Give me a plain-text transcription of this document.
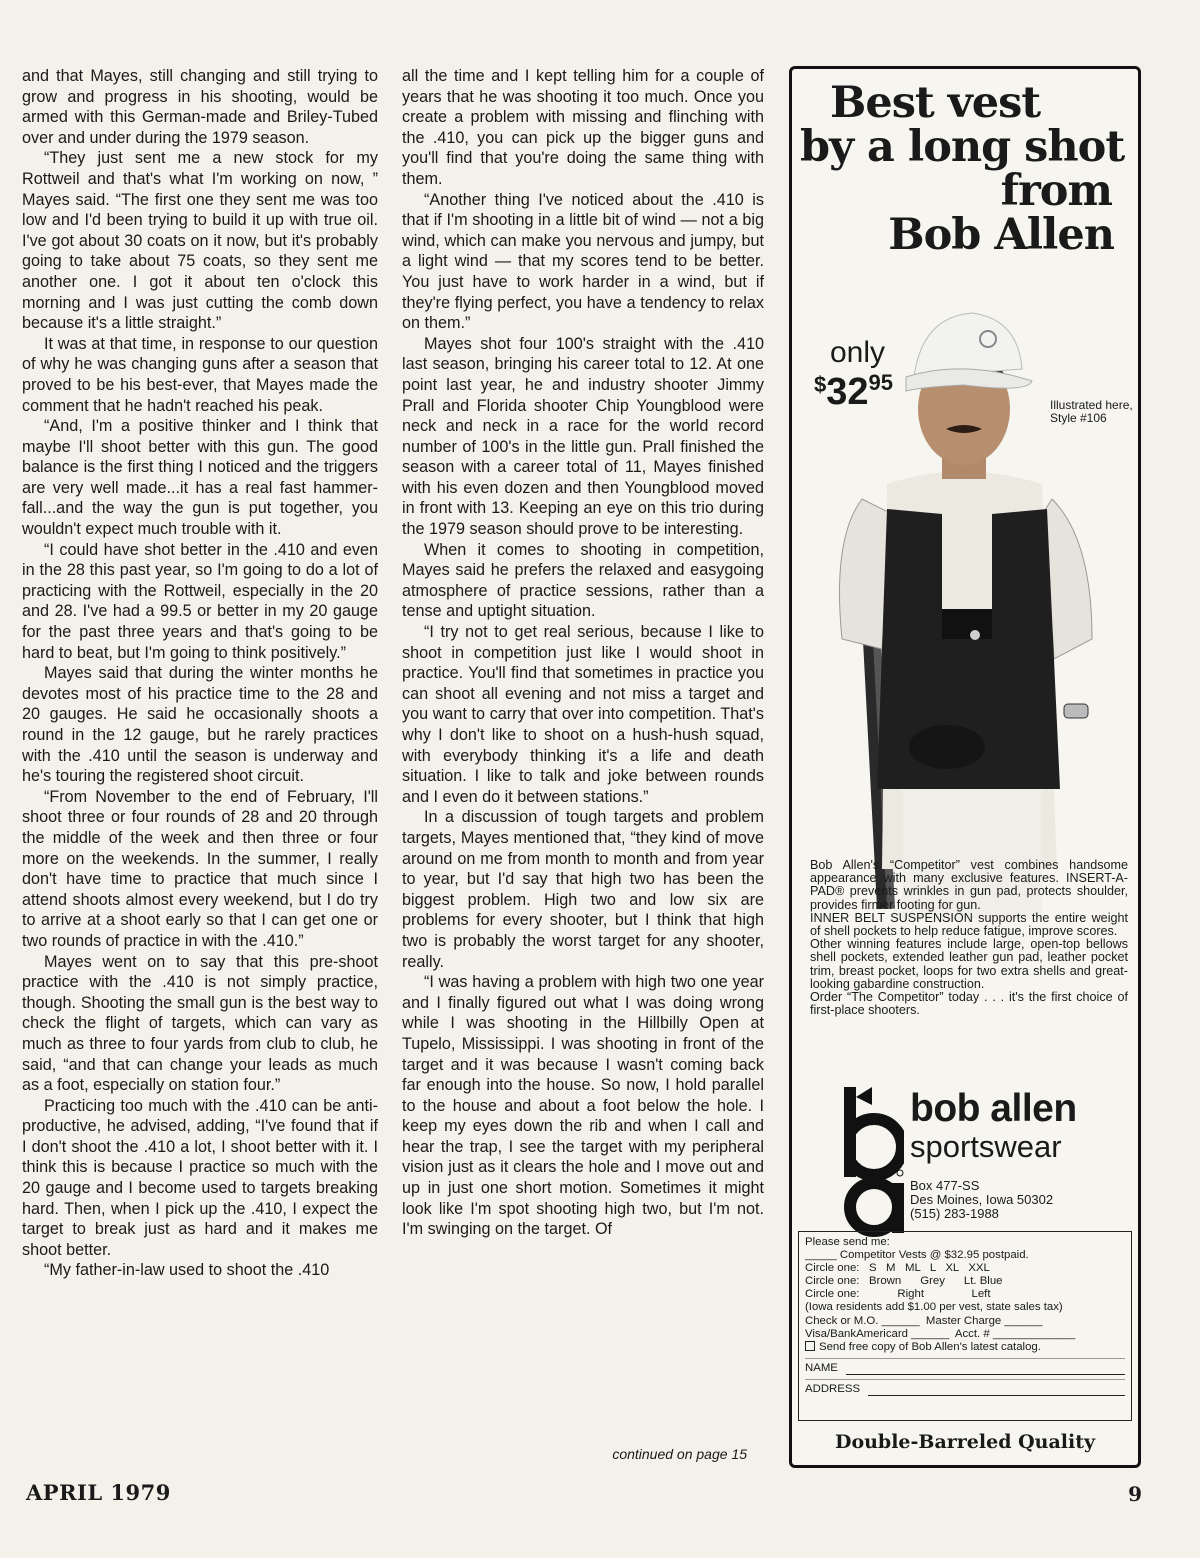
and that Mayes, still changing and still trying to grow and progress in his shooting, would be armed with this German-made and Briley-Tubed over and under during the 1979 season.

“They just sent me a new stock for my Rottweil and that's what I'm working on now, ” Mayes said. “The first one they sent me was too low and I'd been trying to build it up with true oil. I've got about 30 coats on it now, but it's probably going to take about 75 coats, so they sent me another one. I got it about ten o'clock this morning and I was just cutting the comb down because it's a little straight.”

It was at that time, in response to our question of why he was changing guns after a season that proved to be his best-ever, that Mayes made the comment that he hadn't reached his peak.

“And, I'm a positive thinker and I think that maybe I'll shoot better with this gun. The good balance is the first thing I noticed and the triggers are very well made...it has a real fast hammer-fall...and the way the gun is put together, you wouldn't expect much trouble with it.

“I could have shot better in the .410 and even in the 28 this past year, so I'm going to do a lot of practicing with the Rottweil, especially in the 20 and 28. I've had a 99.5 or better in my 20 gauge for the past three years and that's going to be hard to beat, but I'm going to think positively.”

Mayes said that during the winter months he devotes most of his practice time to the 28 and 20 gauges. He said he occasionally shoots a round in the 12 gauge, but he rarely practices with the .410 until the season is underway and he's touring the registered shoot circuit.

“From November to the end of February, I'll shoot three or four rounds of 28 and 20 through the middle of the week and then three or four more on the weekends. In the summer, I really don't have time to practice that much since I attend shoots almost every weekend, but I do try to arrive at a shoot early so that I can get one or two rounds of practice in with the .410.”

Mayes went on to say that this pre-shoot practice with the .410 is not simply practice, though. Shooting the small gun is the best way to check the flight of targets, which can vary as much as three to four yards from club to club, he said, “and that can change your leads as much as a foot, especially on station four.”

Practicing too much with the .410 can be anti-productive, he advised, adding, “I've found that if I don't shoot the .410 a lot, I shoot better with it. I think this is because I practice so much with the 20 gauge and I become used to targets breaking hard. Then, when I pick up the .410, I expect the target to break just as hard and it makes me shoot better.

“My father-in-law used to shoot the .410

all the time and I kept telling him for a couple of years that he was shooting it too much. Once you create a problem with missing and flinching with the .410, you can pick up the bigger guns and you'll find that you're doing the same thing with them.

“Another thing I've noticed about the .410 is that if I'm shooting in a little bit of wind — not a big wind, which can make you nervous and jumpy, but a light wind — that my scores tend to be better. You just have to work harder in a wind, but if they're flying perfect, you have a tendency to relax on them.”

Mayes shot four 100's straight with the .410 last season, bringing his career total to 12. At one point last year, he and industry shooter Jimmy Prall and Florida shooter Chip Youngblood were neck and neck in a race for the world record number of 100's in the little gun. Prall finished the season with a career total of 11, Mayes finished with his even dozen and then Youngblood moved in front with 13. Keeping an eye on this trio during the 1979 season should prove to be interesting.

When it comes to shooting in competition, Mayes said he prefers the relaxed and easygoing atmosphere of practice sessions, rather than a tense and uptight situation.

“I try not to get real serious, because I like to shoot in competition just like I would shoot in practice. You'll find that sometimes in practice you can shoot all evening and not miss a target and you want to carry that over into competition. That's why I don't like to shoot on a hush-hush squad, with everybody thinking it's a life and death situation. I like to talk and joke between rounds and I even do it between stations.”

In a discussion of tough targets and problem targets, Mayes mentioned that, “they kind of move around on me from month to month and from year to year, but I'd say that high two has been the biggest problem. High two and low six are problems for every shooter, but I think that high two is probably the worst target for any shooter, really.

“I was having a problem with high two one year and I finally figured out what I was doing wrong while I was shooting in the Hillbilly Open at Tupelo, Mississippi. I was shooting in front of the target and it was because I wasn't coming back far enough into the house. So now, I hold parallel to the house and about a foot below the hole. I keep my eyes down the rib and when I call and hear the trap, I see the target with my peripheral vision just as it clears the hole and I move out and up in just one short motion. Sometimes it might look like I'm spot shooting high two, but I'm not. I'm swinging on the target. Of

continued on page 15
APRIL 1979	9
Best vest
by a long shot
from
Bob Allen
only
$^{\$}32^{95}$
Illustrated here, Style #106
Bob Allen's “Competitor” vest combines handsome appearance with many exclusive features. INSERT-A-PAD® prevents wrinkles in gun pad, protects shoulder, provides firmer footing for gun.
INNER BELT SUSPENSION supports the entire weight of shell pockets to help reduce fatigue, improve scores.
Other winning features include large, open-top bellows shell pockets, extended leather gun pad, leather pocket trim, breast pocket, loops for two extra shells and great-looking gabardine construction.
Order “The Competitor” today . . . it's the first choice of first-place shooters.
bob allen
sportswear
Box 477-SS
Des Moines, Iowa 50302
(515) 283-1988
Please send me:
_____ Competitor Vests @ $32.95 postpaid.
Circle one:   S   M   ML   L   XL   XXL
Circle one:   Brown      Grey      Lt. Blue
Circle one:            Right               Left
(Iowa residents add $1.00 per vest, state sales tax)
Check or M.O. ______  Master Charge ______
Visa/BankAmericard ______  Acct. # _____________
Send free copy of Bob Allen's latest catalog.
NAME
ADDRESS
Double-Barreled Quality
